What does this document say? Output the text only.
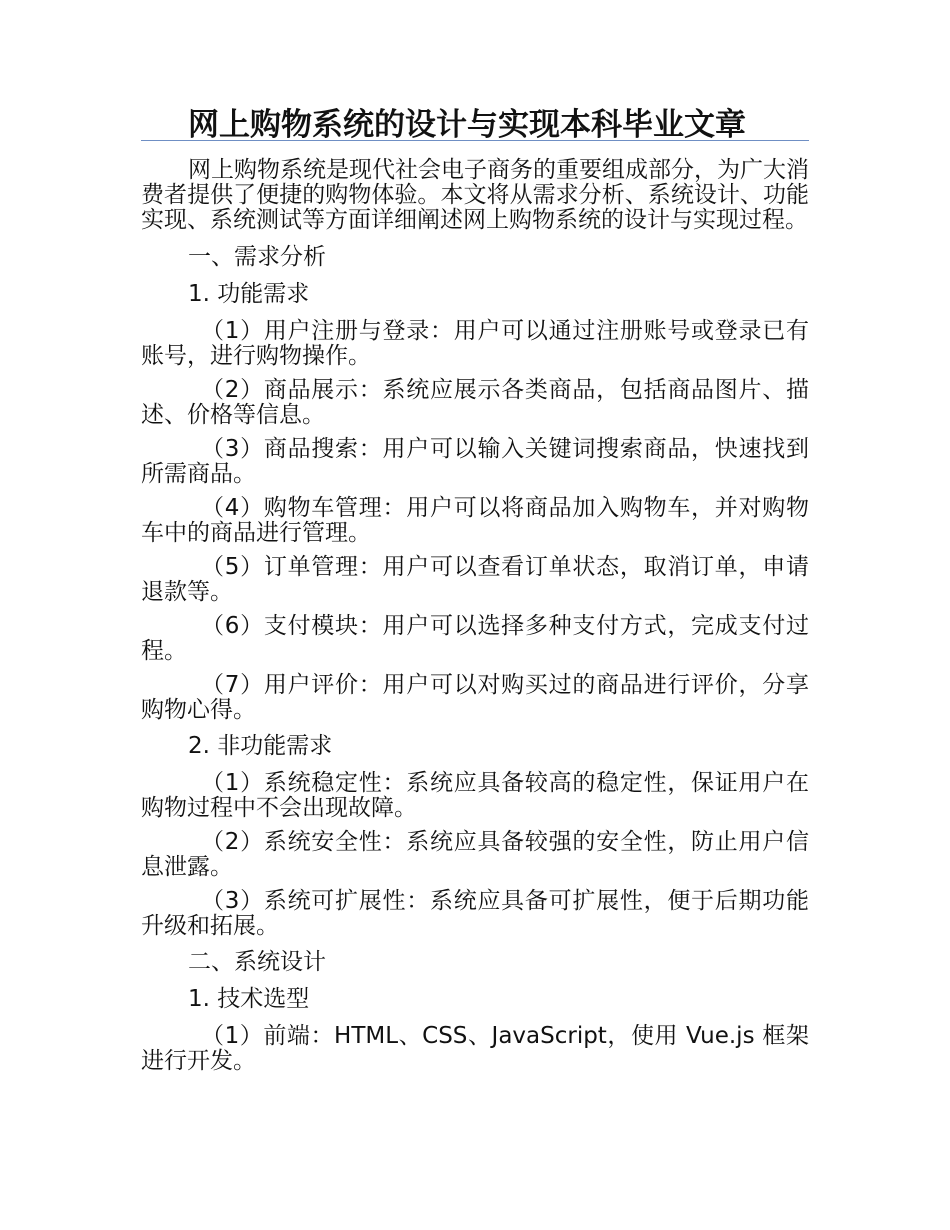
网上购物系统的设计与实现本科毕业文章

网上购物系统是现代社会电子商务的重要组成部分，为广大消费者提供了便捷的购物体验。本文将从需求分析、系统设计、功能实现、系统测试等方面详细阐述网上购物系统的设计与实现过程。

一、需求分析

1. 功能需求

（1）用户注册与登录：用户可以通过注册账号或登录已有账号，进行购物操作。

（2）商品展示：系统应展示各类商品，包括商品图片、描述、价格等信息。

（3）商品搜索：用户可以输入关键词搜索商品，快速找到所需商品。

（4）购物车管理：用户可以将商品加入购物车，并对购物车中的商品进行管理。

（5）订单管理：用户可以查看订单状态，取消订单，申请退款等。

（6）支付模块：用户可以选择多种支付方式，完成支付过程。

（7）用户评价：用户可以对购买过的商品进行评价，分享购物心得。

2. 非功能需求

（1）系统稳定性：系统应具备较高的稳定性，保证用户在购物过程中不会出现故障。

（2）系统安全性：系统应具备较强的安全性，防止用户信息泄露。

（3）系统可扩展性：系统应具备可扩展性，便于后期功能升级和拓展。

二、系统设计

1. 技术选型

（1）前端：HTML、CSS、JavaScript，使用 Vue.js 框架进行开发。
